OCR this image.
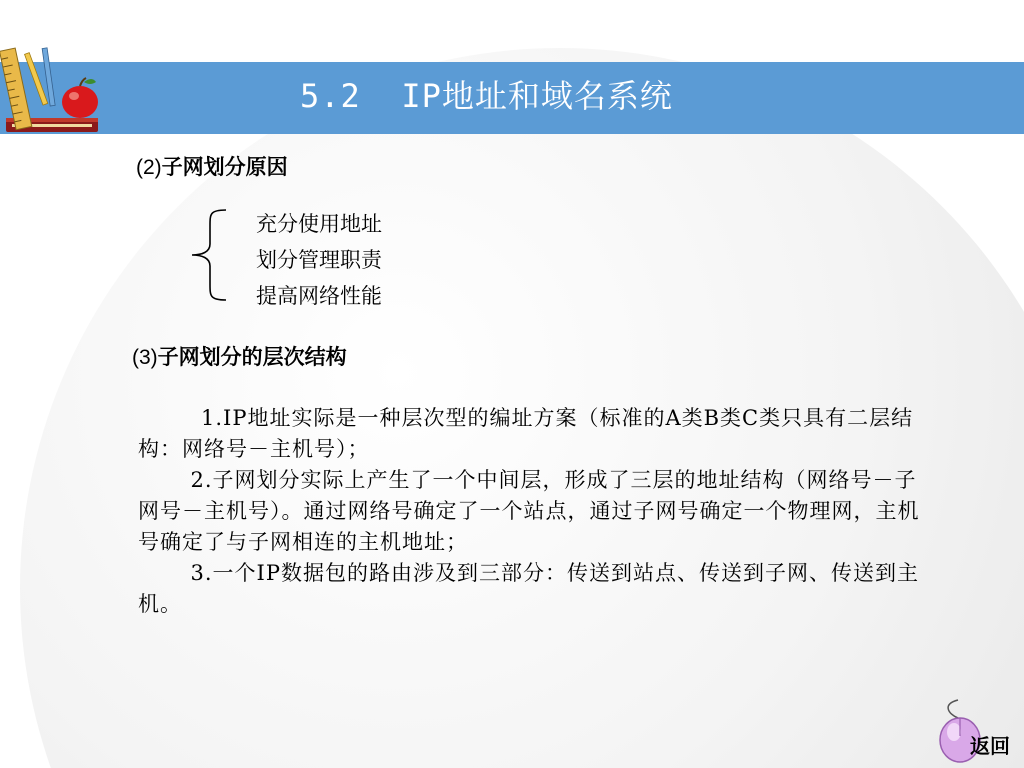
5.2  IP地址和域名系统
(2)子网划分原因
充分使用地址
划分管理职责
提高网络性能
(3)子网划分的层次结构

1.IP地址实际是一种层次型的编址方案（标准的A类B类C类只具有二层结构：网络号－主机号）；

2.子网划分实际上产生了一个中间层，形成了三层的地址结构（网络号－子网号－主机号）。通过网络号确定了一个站点，通过子网号确定一个物理网，主机号确定了与子网相连的主机地址；

3.一个IP数据包的路由涉及到三部分：传送到站点、传送到子网、传送到主机。

返回
